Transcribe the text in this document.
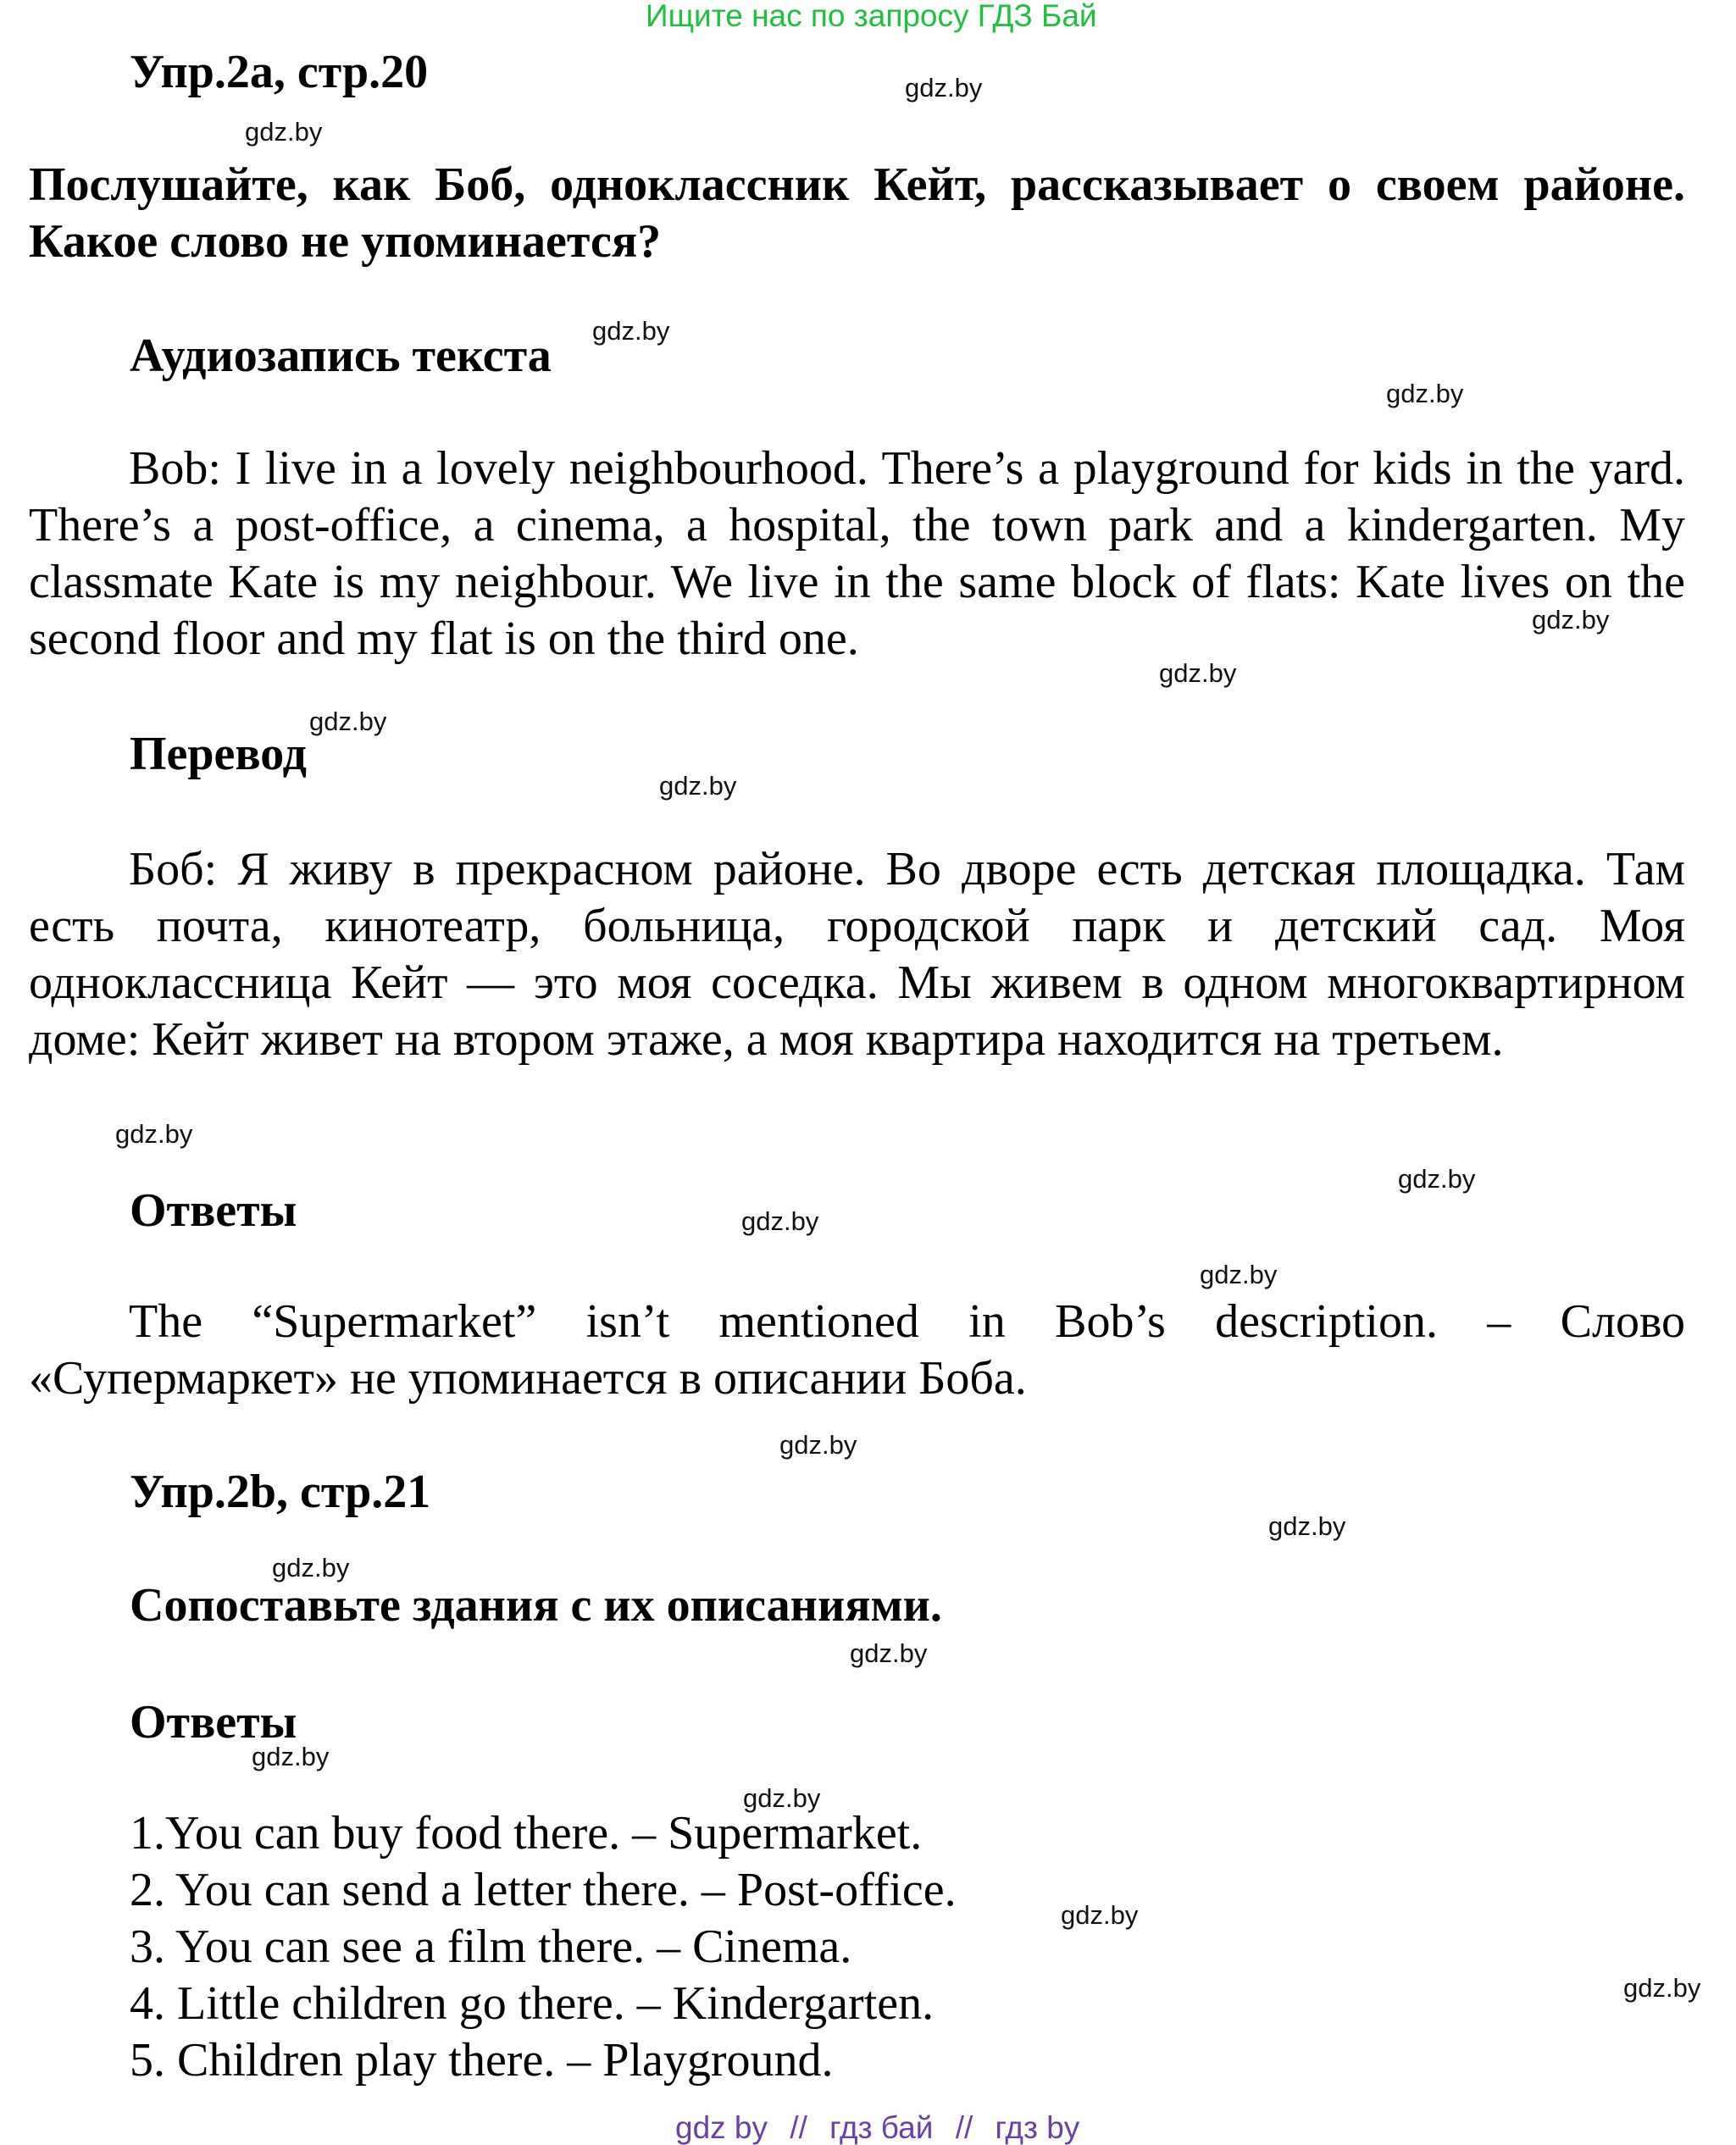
Ищите нас по запросу ГДЗ Бай
Упр.2a, стр.20
Послушайте, как Боб, одноклассник Кейт, рассказывает о своем районе. Какое слово не упоминается?
Аудиозапись текста
Bob: I live in a lovely neighbourhood. There’s a playground for kids in the yard. There’s a post-office, a cinema, a hospital, the town park and a kindergarten. My classmate Kate is my neighbour. We live in the same block of flats: Kate lives on the second floor and my flat is on the third one.
Перевод
Боб: Я живу в прекрасном районе. Во дворе есть детская площадка. Там есть почта, кинотеатр, больница, городской парк и детский сад. Моя одноклассница Кейт — это моя соседка. Мы живем в одном многоквартирном доме: Кейт живет на втором этаже, а моя квартира находится на третьем.
Ответы
The “Supermarket” isn’t mentioned in Bob’s description. – Слово «Супермаркет» не упоминается в описании Боба.
Упр.2b, стр.21
Сопоставьте здания с их описаниями.
Ответы
1.You can buy food there. – Supermarket.
2. You can send a letter there. – Post-office.
3. You can see a film there. – Cinema.
4. Little children go there. – Kindergarten.
5. Children play there. – Playground.
gdz.by
gdz.by
gdz.by
gdz.by
gdz.by
gdz.by
gdz.by
gdz.by
gdz.by
gdz.by
gdz.by
gdz.by
gdz.by
gdz.by
gdz.by
gdz.by
gdz.by
gdz.by
gdz.by
gdz.by
gdz by // гдз бай // гдз by
